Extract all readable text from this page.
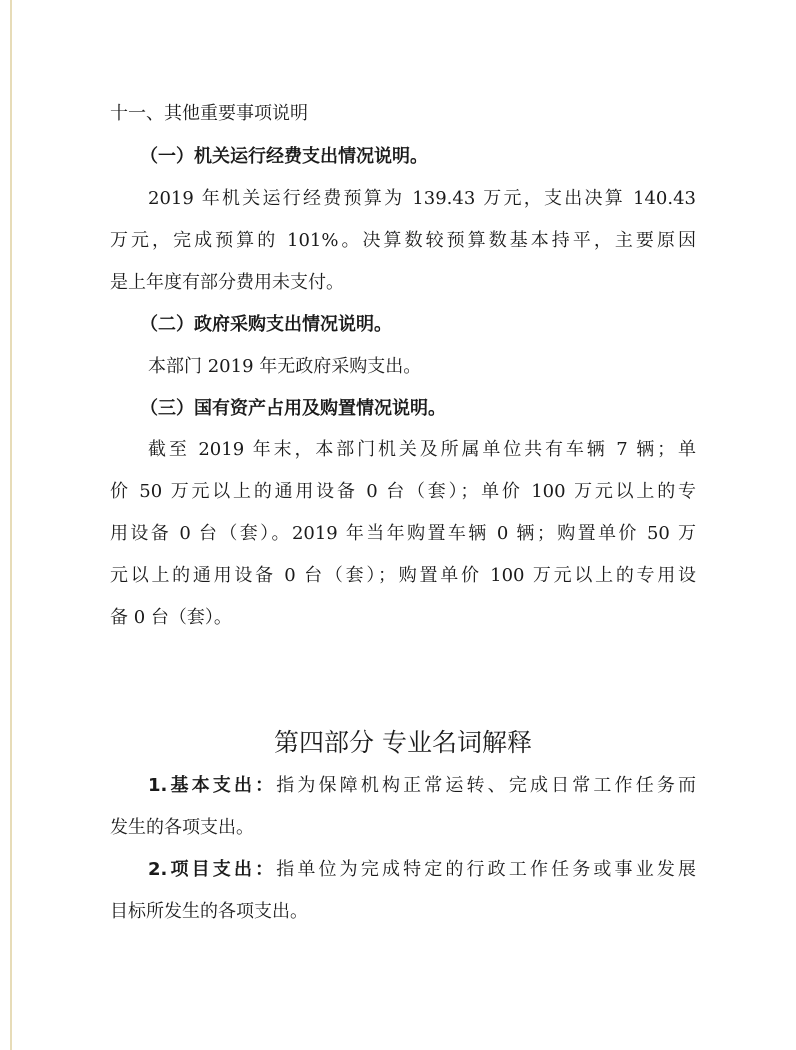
十一、其他重要事项说明
（一）机关运行经费支出情况说明。
2019 年机关运行经费预算为 139.43 万元，支出决算 140.43
万元，完成预算的 101%。决算数较预算数基本持平，主要原因
是上年度有部分费用未支付。
（二）政府采购支出情况说明。
本部门 2019 年无政府采购支出。
（三）国有资产占用及购置情况说明。
截至 2019 年末，本部门机关及所属单位共有车辆 7 辆；单
价 50 万元以上的通用设备 0 台（套）；单价 100 万元以上的专
用设备 0 台（套）。2019 年当年购置车辆 0 辆；购置单价 50 万
元以上的通用设备 0 台（套）；购置单价 100 万元以上的专用设
备 0 台（套）。
第四部分 专业名词解释
1.基本支出：指为保障机构正常运转、完成日常工作任务而
发生的各项支出。
2.项目支出：指单位为完成特定的行政工作任务或事业发展
目标所发生的各项支出。
